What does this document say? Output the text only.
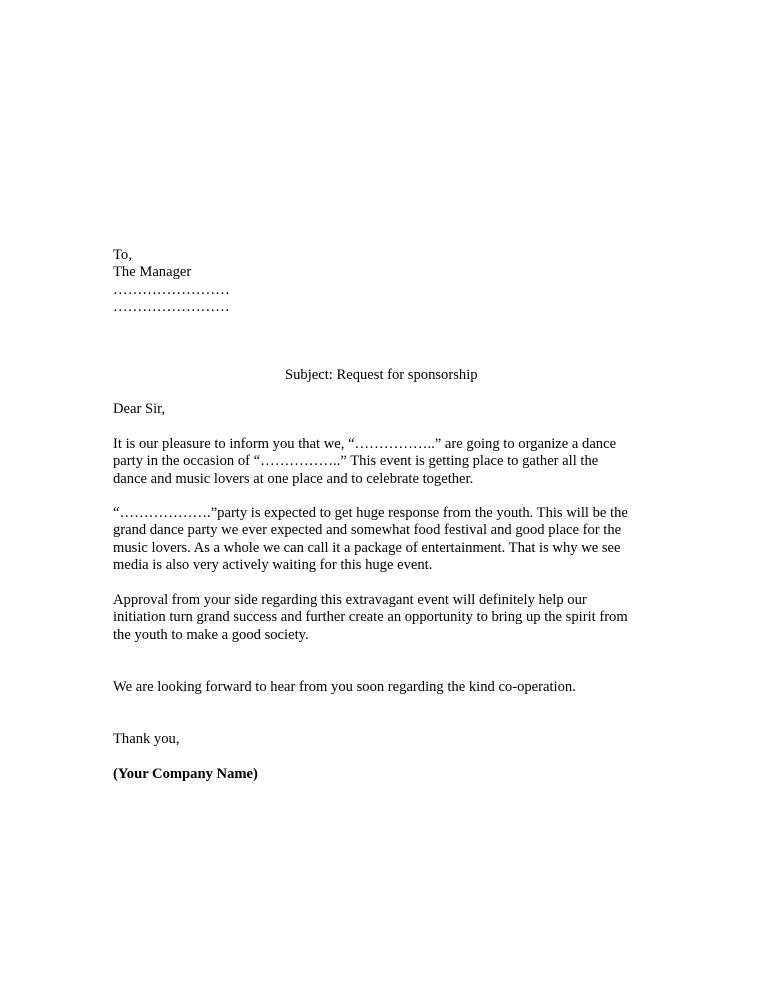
To,
The Manager
……………………
……………………
Subject: Request for sponsorship
Dear Sir,
It is our pleasure to inform you that we, “……………..” are going to organize a dance
party in the occasion of “……………..” This event is getting place to gather all the
dance and music lovers at one place and to celebrate together.
“……………….”party is expected to get huge response from the youth. This will be the
grand dance party we ever expected and somewhat food festival and good place for the
music lovers. As a whole we can call it a package of entertainment. That is why we see
media is also very actively waiting for this huge event.
Approval from your side regarding this extravagant event will definitely help our
initiation turn grand success and further create an opportunity to bring up the spirit from
the youth to make a good society.
We are looking forward to hear from you soon regarding the kind co-operation.
Thank you,
(Your Company Name)
